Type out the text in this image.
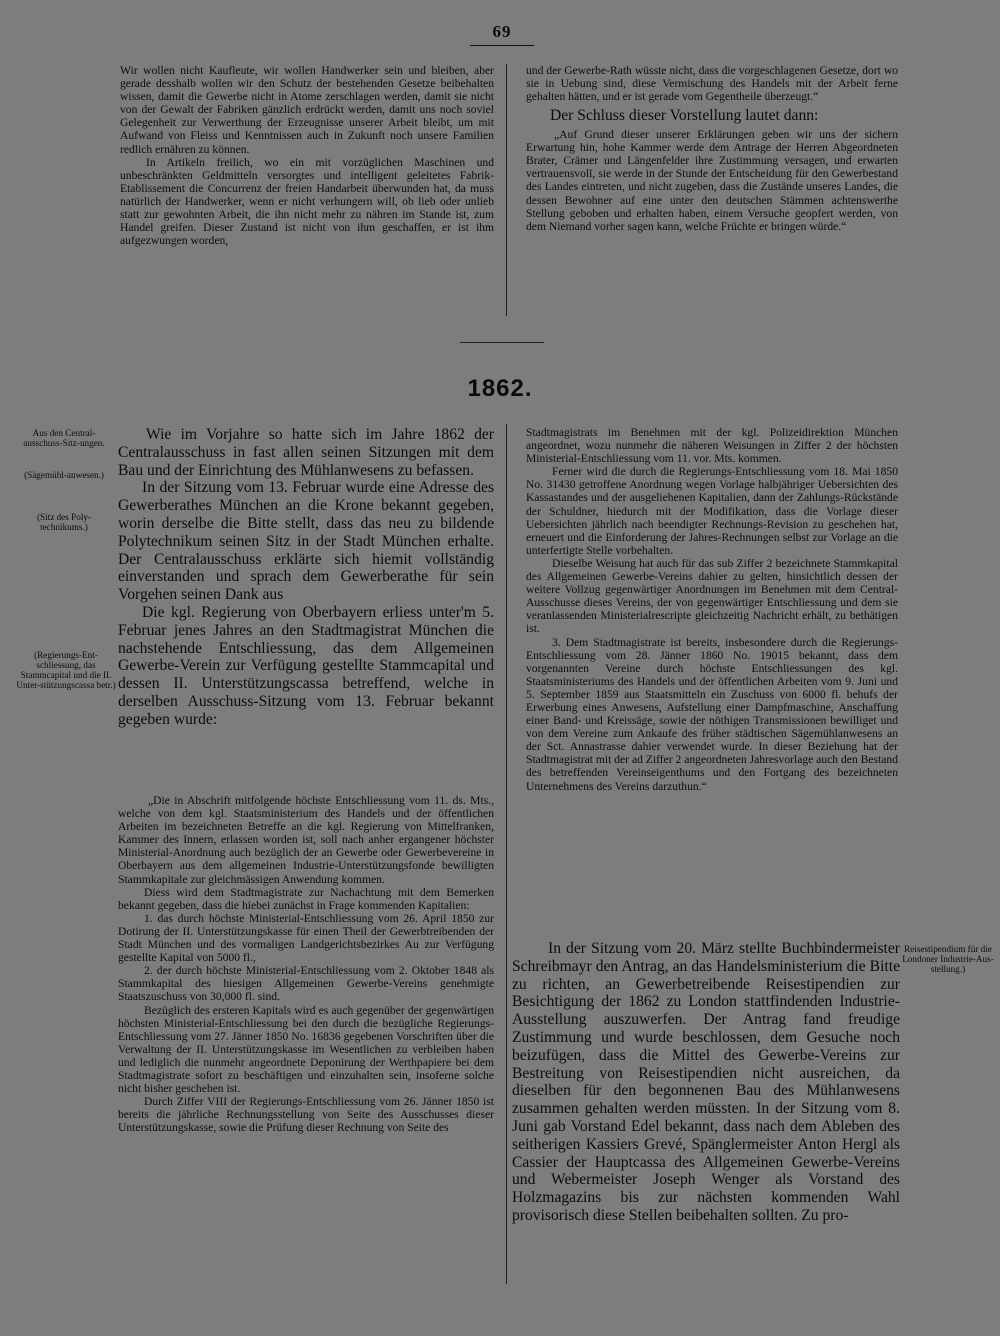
69

Wir wollen nicht Kaufleute, wir wollen Handwerker sein und bleiben, aber gerade desshalb wollen wir den Schutz der bestehenden Gesetze beibehalten wissen, damit die Gewerbe nicht in Atome zerschlagen werden, damit sie nicht von der Gewalt der Fabriken gänzlich erdrückt werden, damit uns noch soviel Gelegenheit zur Verwerthung der Erzeugnisse unserer Arbeit bleibt, um mit Aufwand von Fleiss und Kenntnissen auch in Zukunft noch unsere Familien redlich ernähren zu können.

In Artikeln freilich, wo ein mit vorzüglichen Maschinen und unbeschränkten Geldmitteln versorgtes und intelligent geleitetes Fabrik-Etablissement die Concurrenz der freien Handarbeit überwunden hat, da muss natürlich der Handwerker, wenn er nicht verhungern will, ob lieb oder unlieb statt zur gewohnten Arbeit, die ihn nicht mehr zu nähren im Stande ist, zum Handel greifen. Dieser Zustand ist nicht von ihm geschaffen, er ist ihm aufgezwungen worden,

und der Gewerbe-Rath wüsste nicht, dass die vorgeschlagenen Gesetze, dort wo sie in Uebung sind, diese Vermischung des Handels mit der Arbeit ferne gehalten hätten, und er ist gerade vom Gegentheile überzeugt.“

Der Schluss dieser Vorstellung lautet dann:

„Auf Grund dieser unserer Erklärungen geben wir uns der sichern Erwartung hin, hohe Kammer werde dem Antrage der Herren Abgeordneten Brater, Crämer und Längenfelder ihre Zustimmung versagen, und erwarten vertrauensvoll, sie werde in der Stunde der Entscheidung für den Gewerbestand des Landes eintreten, und nicht zugeben, dass die Zustände unseres Landes, die dessen Bewohner auf eine unter den deutschen Stämmen achtenswerthe Stellung geboben und erhalten haben, einem Versuche geopfert werden, von dem Niemand vorher sagen kann, welche Früchte er bringen würde.“

1862.
Aus den Central-ausschuss-Sitz-ungen.
(Sägemühl-anwesen.)
(Sitz des Poly-technikums.)
(Regierungs-Ent-schliessung, das Stammcapital und die II. Unter-stützungscassa betr.)
Reisestipendium für die Londoner Industrie-Aus-stellung.)

Wie im Vorjahre so hatte sich im Jahre 1862 der Centralausschuss in fast allen seinen Sitzungen mit dem Bau und der Einrichtung des Mühlanwesens zu befassen.

In der Sitzung vom 13. Februar wurde eine Adresse des Gewerberathes München an die Krone bekannt gegeben, worin derselbe die Bitte stellt, dass das neu zu bildende Polytechnikum seinen Sitz in der Stadt München erhalte. Der Centralausschuss erklärte sich hiemit vollständig einverstanden und sprach dem Gewerberathe für sein Vorgehen seinen Dank aus

Die kgl. Regierung von Oberbayern erliess unter'm 5. Februar jenes Jahres an den Stadtmagistrat München die nachstehende Entschliessung, das dem Allgemeinen Gewerbe-Verein zur Verfügung gestellte Stammcapital und dessen II. Unterstützungscassa betreffend, welche in derselben Ausschuss-Sitzung vom 13. Februar bekannt gegeben wurde:

„Die in Abschrift mitfolgende höchste Entschliessung vom 11. ds. Mts., welche von dem kgl. Staatsministerium des Handels und der öffentlichen Arbeiten im bezeichneten Betreffe an die kgl. Regierung von Mittelfranken, Kammer des Innern, erlassen worden ist, soll nach anher ergangener höchster Ministerial-Anordnung auch bezüglich der an Gewerbe oder Gewerbevereine in Oberbayern aus dem allgemeinen Industrie-Unterstützungsfonde bewilligten Stammkapitale zur gleichmässigen Anwendung kommen.

Diess wird dem Stadtmagistrate zur Nachachtung mit dem Bemerken bekannt gegeben, dass die hiebei zunächst in Frage kommenden Kapitalien:

1. das durch höchste Ministerial-Entschliessung vom 26. April 1850 zur Dotirung der II. Unterstützungskasse für einen Theil der Gewerbtreibenden der Stadt München und des vormaligen Landgerichtsbezirkes Au zur Verfügung gestellte Kapital von 5000 fl.,

2. der durch höchste Ministerial-Entschliessung vom 2. Oktober 1848 als Stammkapital des hiesigen Allgemeinen Gewerbe-Vereins genehmigte Staatszuschuss von 30,000 fl. sind.

Bezüglich des ersteren Kapitals wird es auch gegenüber der gegenwärtigen höchsten Ministerial-Entschliessung bei den durch die bezügliche Regierungs-Entschliessung vom 27. Jänner 1850 No. 16836 gegebenen Vorschriften über die Verwaltung der II. Unterstützungskasse im Wesentlichen zu verbleiben haben und lediglich die nunmehr angeordnete Deponirung der Werthpapiere bei dem Stadtmagistrate sofort zu beschäftigen und einzuhalten sein, insoferne solche nicht bisher geschehen ist.

Durch Ziffer VIII der Regierungs-Entschliessung vom 26. Jänner 1850 ist bereits die jährliche Rechnungsstellung von Seite des Ausschusses dieser Unterstützungskasse, sowie die Prüfung dieser Rechnung von Seite des

Stadtmagistrats im Benehmen mit der kgl. Polizeidirektion München angeordnet, wozu nunmehr die näheren Weisungen in Ziffer 2 der höchsten Ministerial-Entschliessung vom 11. vor. Mts. kommen.

Ferner wird die durch die Regierungs-Entschliessung vom 18. Mai 1850 No. 31430 getroffene Anordnung wegen Vorlage halbjähriger Uebersichten des Kassastandes und der ausgeliehenen Kapitalien, dann der Zahlungs-Rückstände der Schuldner, hiedurch mit der Modifikation, dass die Vorlage dieser Uebersichten jährlich nach beendigter Rechnungs-Revision zu geschehen hat, erneuert und die Einforderung der Jahres-Rechnungen selbst zur Vorlage an die unterfertigte Stelle vorbehalten.

Dieselbe Weisung hat auch für das sub Ziffer 2 bezeichnete Stammkapital des Allgemeinen Gewerbe-Vereins dahier zu gelten, hinsichtlich dessen der weitere Vollzug gegenwärtiger Anordnungen im Benehmen mit dem Central-Ausschusse dieses Vereins, der von gegenwärtiger Entschliessung und dem sie veranlassenden Ministerialrescripte gleichzeitig Nachricht erhält, zu bethätigen ist.

3. Dem Stadtmagistrate ist bereits, insbesondere durch die Regierungs-Entschliessung vom 28. Jänner 1860 No. 19015 bekannt, dass dem vorgenannten Vereine durch höchste Entschliessungen des kgl. Staatsministeriums des Handels und der öffentlichen Arbeiten vom 9. Juni und 5. September 1859 aus Staatsmitteln ein Zuschuss von 6000 fl. behufs der Erwerbung eines Anwesens, Aufstellung einer Dampfmaschine, Anschaffung einer Band- und Kreissäge, sowie der nöthigen Transmissionen bewilliget und von dem Vereine zum Ankaufe des früher städtischen Sägemühlanwesens an der Sct. Annastrasse dahier verwendet wurde. In dieser Beziehung hat der Stadtmagistrat mit der ad Ziffer 2 angeordneten Jahresvorlage auch den Bestand des betreffenden Vereinseigenthums und den Fortgang des bezeichneten Unternehmens des Vereins darzuthun.“

In der Sitzung vom 20. März stellte Buchbindermeister Schreibmayr den Antrag, an das Handelsministerium die Bitte zu richten, an Gewerbetreibende Reisestipendien zur Besichtigung der 1862 zu London stattfindenden Industrie-Ausstellung auszuwerfen. Der Antrag fand freudige Zustimmung und wurde beschlossen, dem Gesuche noch beizufügen, dass die Mittel des Gewerbe-Vereins zur Bestreitung von Reisestipendien nicht ausreichen, da dieselben für den begonnenen Bau des Mühlanwesens zusammen gehalten werden müssten. In der Sitzung vom 8. Juni gab Vorstand Edel bekannt, dass nach dem Ableben des seitherigen Kassiers Grevé, Spänglermeister Anton Hergl als Cassier der Hauptcassa des Allgemeinen Gewerbe-Vereins und Webermeister Joseph Wenger als Vorstand des Holzmagazins bis zur nächsten kommenden Wahl provisorisch diese Stellen beibehalten sollten. Zu pro-
